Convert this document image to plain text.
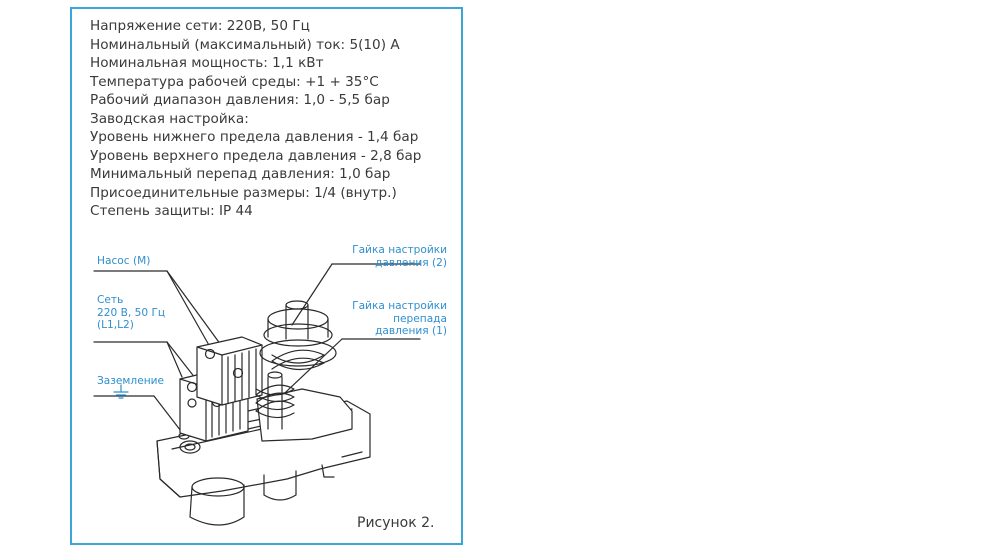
Напряжение сети: 220В, 50 Гц
Номинальный (максимальный) ток: 5(10) А
Номинальная мощность: 1,1 кВт
Температура рабочей среды: +1 + 35°С
Рабочий диапазон давления: 1,0 - 5,5 бар
Заводская настройка:
Уровень нижнего предела давления - 1,4 бар
Уровень верхнего предела давления - 2,8 бар
Минимальный перепад давления: 1,0 бар
Присоединительные размеры: 1/4 (внутр.)
Степень защиты: IP 44
Насос (М)
Сеть
220 В, 50 Гц
(L1,L2)
Заземление
Гайка настройки
давления (2)
Гайка настройки
перепада
давления (1)
Рисунок 2.
